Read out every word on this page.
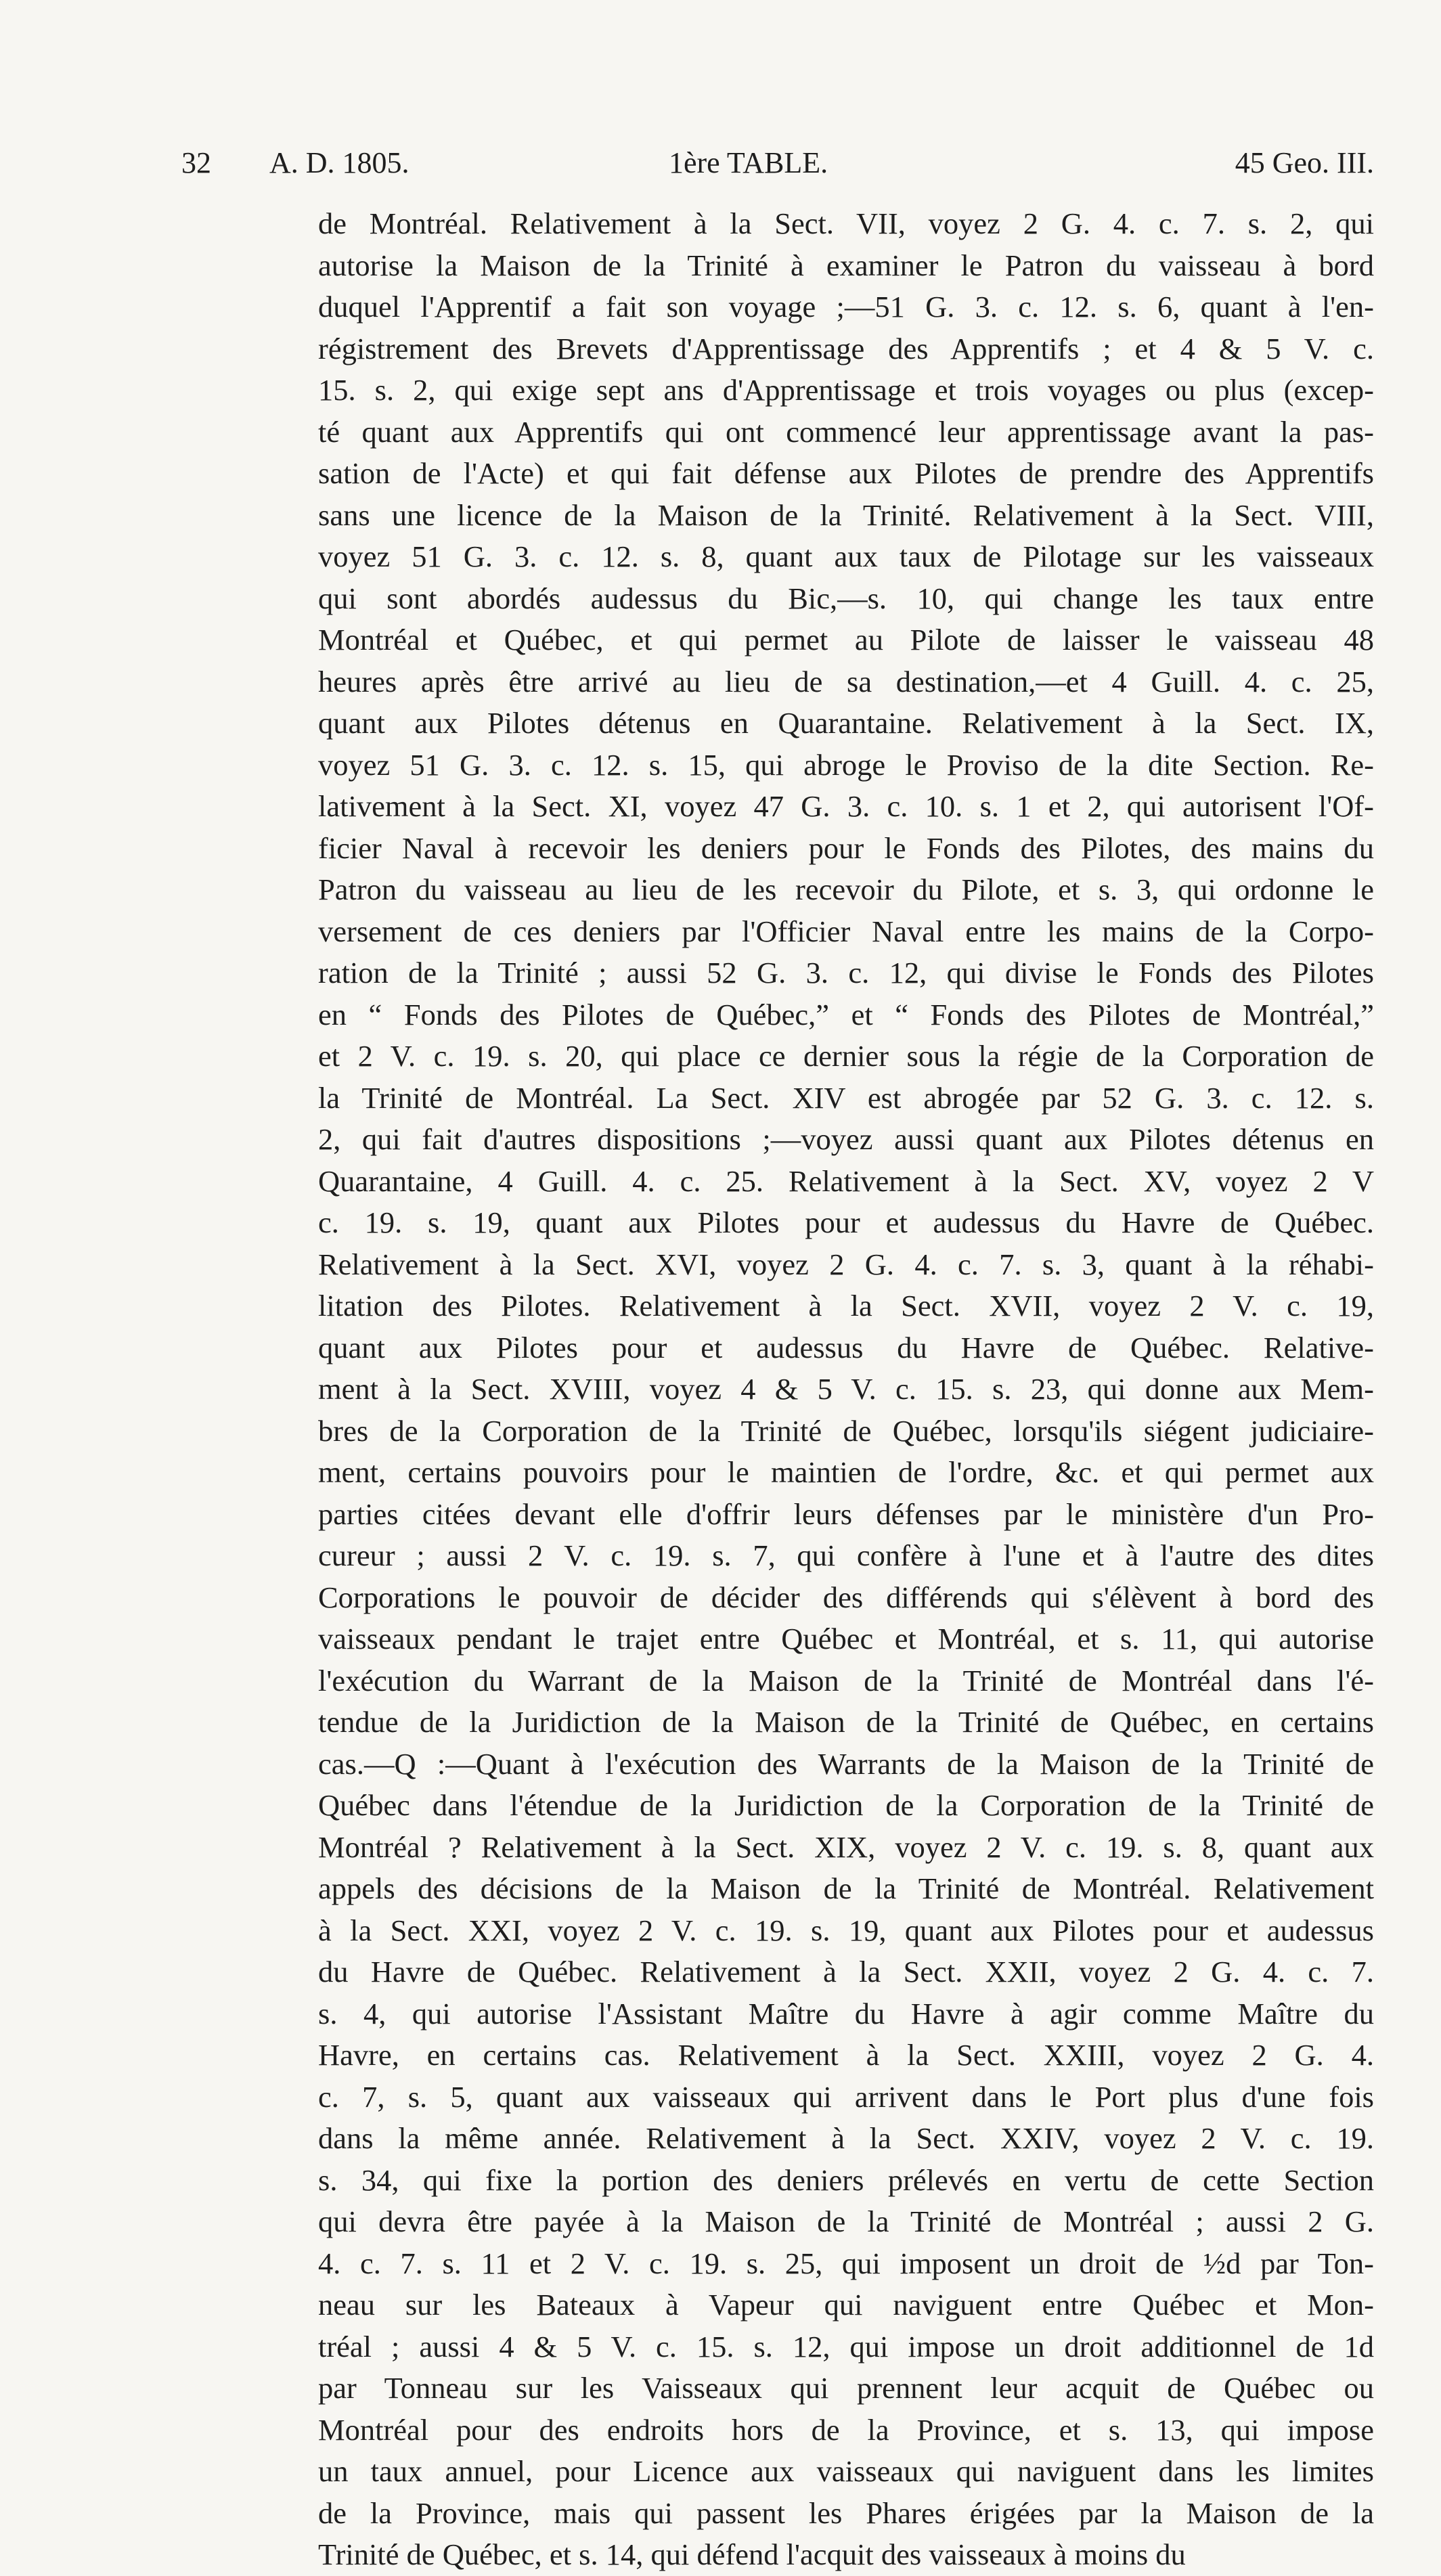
32 A. D. 1805.	1ère TABLE.	45 Geo. III.
de Montréal. Relativement à la Sect. VII, voyez 2 G. 4. c. 7. s. 2, qui
autorise la Maison de la Trinité à examiner le Patron du vaisseau à bord
duquel l'Apprentif a fait son voyage ;—51 G. 3. c. 12. s. 6, quant à l'en-
régistrement des Brevets d'Apprentissage des Apprentifs ; et 4 & 5 V. c.
15. s. 2, qui exige sept ans d'Apprentissage et trois voyages ou plus (excep-
té quant aux Apprentifs qui ont commencé leur apprentissage avant la pas-
sation de l'Acte) et qui fait défense aux Pilotes de prendre des Apprentifs
sans une licence de la Maison de la Trinité. Relativement à la Sect. VIII,
voyez 51 G. 3. c. 12. s. 8, quant aux taux de Pilotage sur les vaisseaux
qui sont abordés audessus du Bic,—s. 10, qui change les taux entre
Montréal et Québec, et qui permet au Pilote de laisser le vaisseau 48
heures après être arrivé au lieu de sa destination,—et 4 Guill. 4. c. 25,
quant aux Pilotes détenus en Quarantaine. Relativement à la Sect. IX,
voyez 51 G. 3. c. 12. s. 15, qui abroge le Proviso de la dite Section. Re-
lativement à la Sect. XI, voyez 47 G. 3. c. 10. s. 1 et 2, qui autorisent l'Of-
ficier Naval à recevoir les deniers pour le Fonds des Pilotes, des mains du
Patron du vaisseau au lieu de les recevoir du Pilote, et s. 3, qui ordonne le
versement de ces deniers par l'Officier Naval entre les mains de la Corpo-
ration de la Trinité ; aussi 52 G. 3. c. 12, qui divise le Fonds des Pilotes
en “ Fonds des Pilotes de Québec,” et “ Fonds des Pilotes de Montréal,”
et 2 V. c. 19. s. 20, qui place ce dernier sous la régie de la Corporation de
la Trinité de Montréal. La Sect. XIV est abrogée par 52 G. 3. c. 12. s.
2, qui fait d'autres dispositions ;—voyez aussi quant aux Pilotes détenus en
Quarantaine, 4 Guill. 4. c. 25. Relativement à la Sect. XV, voyez 2 V
c. 19. s. 19, quant aux Pilotes pour et audessus du Havre de Québec.
Relativement à la Sect. XVI, voyez 2 G. 4. c. 7. s. 3, quant à la réhabi-
litation des Pilotes. Relativement à la Sect. XVII, voyez 2 V. c. 19,
quant aux Pilotes pour et audessus du Havre de Québec. Relative-
ment à la Sect. XVIII, voyez 4 & 5 V. c. 15. s. 23, qui donne aux Mem-
bres de la Corporation de la Trinité de Québec, lorsqu'ils siégent judiciaire-
ment, certains pouvoirs pour le maintien de l'ordre, &c. et qui permet aux
parties citées devant elle d'offrir leurs défenses par le ministère d'un Pro-
cureur ; aussi 2 V. c. 19. s. 7, qui confère à l'une et à l'autre des dites
Corporations le pouvoir de décider des différends qui s'élèvent à bord des
vaisseaux pendant le trajet entre Québec et Montréal, et s. 11, qui autorise
l'exécution du Warrant de la Maison de la Trinité de Montréal dans l'é-
tendue de la Juridiction de la Maison de la Trinité de Québec, en certains
cas.—Q :—Quant à l'exécution des Warrants de la Maison de la Trinité de
Québec dans l'étendue de la Juridiction de la Corporation de la Trinité de
Montréal ? Relativement à la Sect. XIX, voyez 2 V. c. 19. s. 8, quant aux
appels des décisions de la Maison de la Trinité de Montréal. Relativement
à la Sect. XXI, voyez 2 V. c. 19. s. 19, quant aux Pilotes pour et audessus
du Havre de Québec. Relativement à la Sect. XXII, voyez 2 G. 4. c. 7.
s. 4, qui autorise l'Assistant Maître du Havre à agir comme Maître du
Havre, en certains cas. Relativement à la Sect. XXIII, voyez 2 G. 4.
c. 7, s. 5, quant aux vaisseaux qui arrivent dans le Port plus d'une fois
dans la même année. Relativement à la Sect. XXIV, voyez 2 V. c. 19.
s. 34, qui fixe la portion des deniers prélevés en vertu de cette Section
qui devra être payée à la Maison de la Trinité de Montréal ; aussi 2 G.
4. c. 7. s. 11 et 2 V. c. 19. s. 25, qui imposent un droit de ½d par Ton-
neau sur les Bateaux à Vapeur qui naviguent entre Québec et Mon-
tréal ; aussi 4 & 5 V. c. 15. s. 12, qui impose un droit additionnel de 1d
par Tonneau sur les Vaisseaux qui prennent leur acquit de Québec ou
Montréal pour des endroits hors de la Province, et s. 13, qui impose
un taux annuel, pour Licence aux vaisseaux qui naviguent dans les limites
de la Province, mais qui passent les Phares érigées par la Maison de la
Trinité de Québec, et s. 14, qui défend l'acquit des vaisseaux à moins du
